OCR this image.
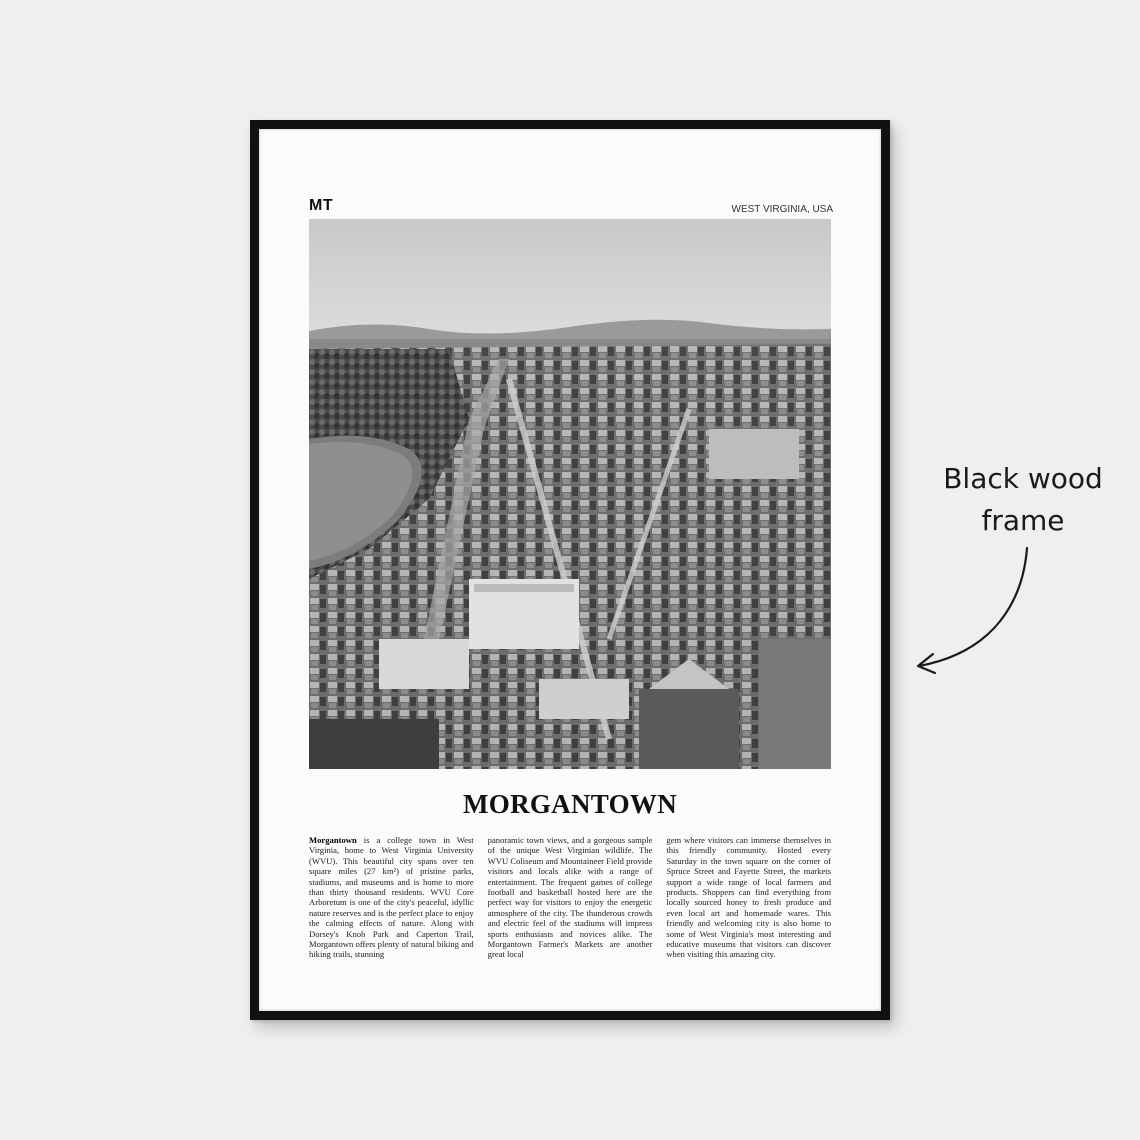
MT	WEST VIRGINIA, USA
MORGANTOWN
Morgantown is a college town in West Virginia, home to West Virginia University (WVU). This beautiful city spans over ten square miles (27 km²) of pristine parks, stadiums, and museums and is home to more than thirty thousand residents. WVU Core Arboretum is one of the city's peaceful, idyllic nature reserves and is the perfect place to enjoy the calming effects of nature. Along with Dorsey's Knob Park and Caperton Trail, Morgantown offers plenty of natural biking and hiking trails, stunning
panoramic town views, and a gorgeous sample of the unique West Virginian wildlife. The WVU Coliseum and Mountaineer Field provide visitors and locals alike with a range of entertainment. The frequent games of college football and basketball hosted here are the perfect way for visitors to enjoy the energetic atmosphere of the city. The thunderous crowds and electric feel of the stadiums will impress sports enthusiasts and novices alike. The Morgantown Farmer's Markets are another great local
gem where visitors can immerse themselves in this friendly community. Hosted every Saturday in the town square on the corner of Spruce Street and Fayette Street, the markets support a wide range of local farmers and products. Shoppers can find everything from locally sourced honey to fresh produce and even local art and homemade wares. This friendly and welcoming city is also home to some of West Virginia's most interesting and educative museums that visitors can discover when visiting this amazing city.
Black wood
frame
